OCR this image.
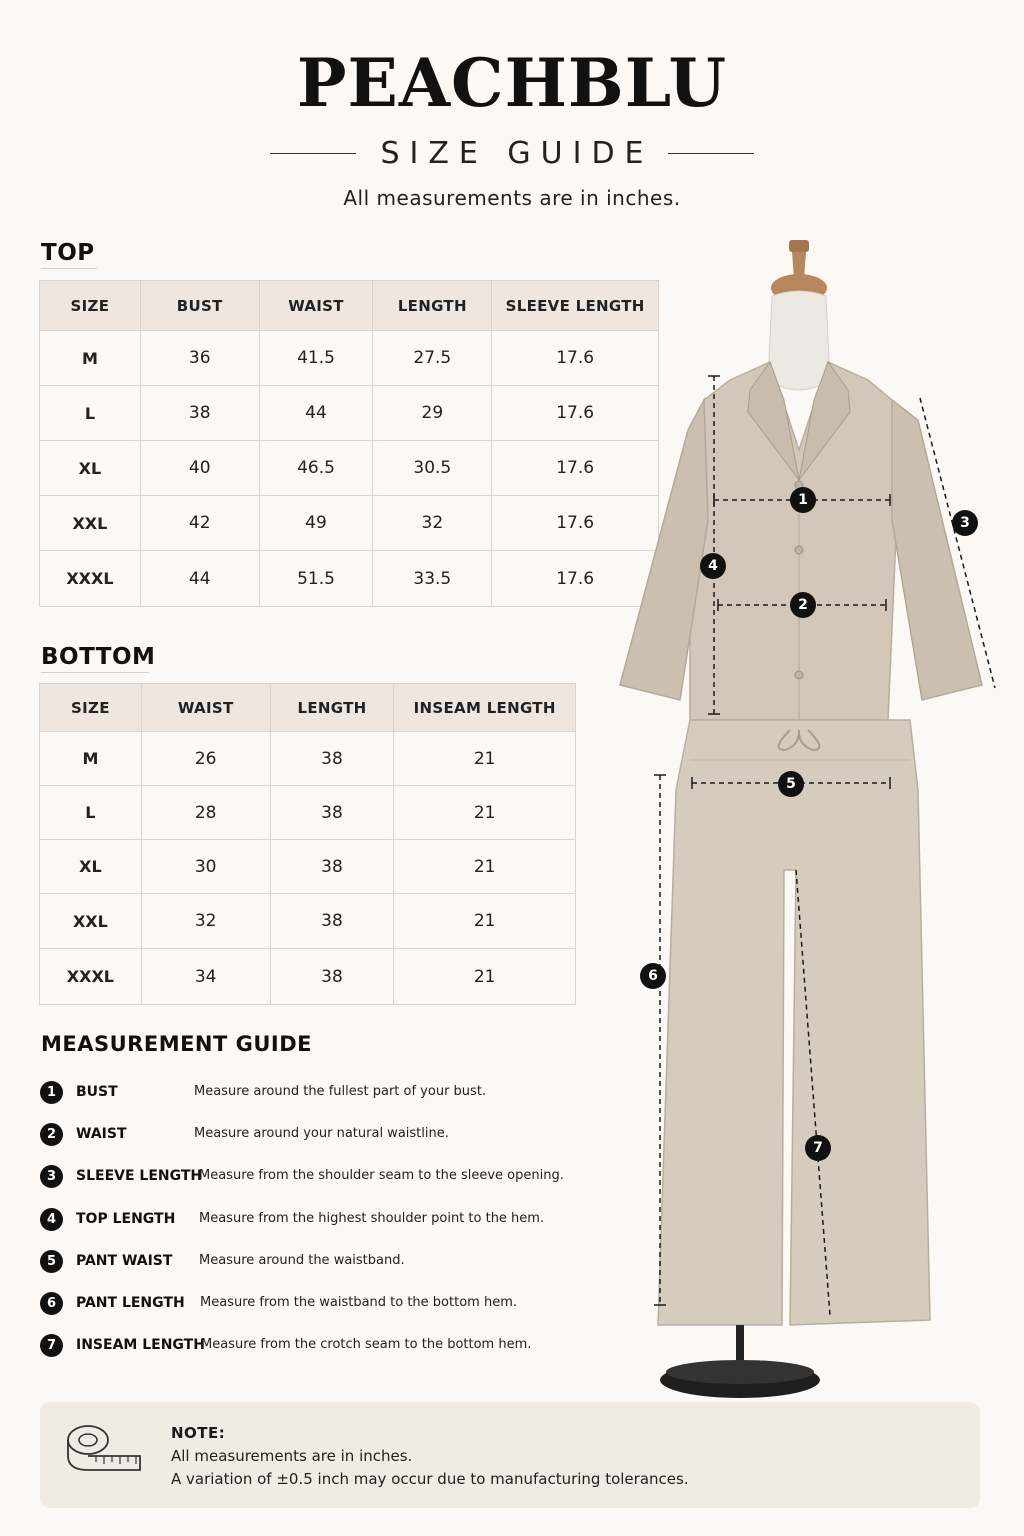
PEACHBLU
SIZE GUIDE
All measurements are in inches.
TOP
SIZE	BUST	WAIST	LENGTH	SLEEVE LENGTH
M	36	41.5	27.5	17.6
L	38	44	29	17.6
XL	40	46.5	30.5	17.6
XXL	42	49	32	17.6
XXXL	44	51.5	33.5	17.6
BOTTOM
SIZE	WAIST	LENGTH	INSEAM LENGTH
M	26	38	21
L	28	38	21
XL	30	38	21
XXL	32	38	21
XXXL	34	38	21
MEASUREMENT GUIDE
1	BUST	Measure around the fullest part of your bust.
2	WAIST	Measure around your natural waistline.
3	SLEEVE LENGTH
Measure from the shoulder seam to the sleeve opening.
4	TOP LENGTH Measure from the highest shoulder point to the hem.
5	PANT WAIST Measure around the waistband.
6	PANT LENGTH Measure from the waistband to the bottom hem.
7	INSEAM LENGTH
Measure from the crotch seam to the bottom hem.
1
2
3
4
5
6
7
NOTE:
All measurements are in inches.
A variation of ±0.5 inch may occur due to manufacturing tolerances.
